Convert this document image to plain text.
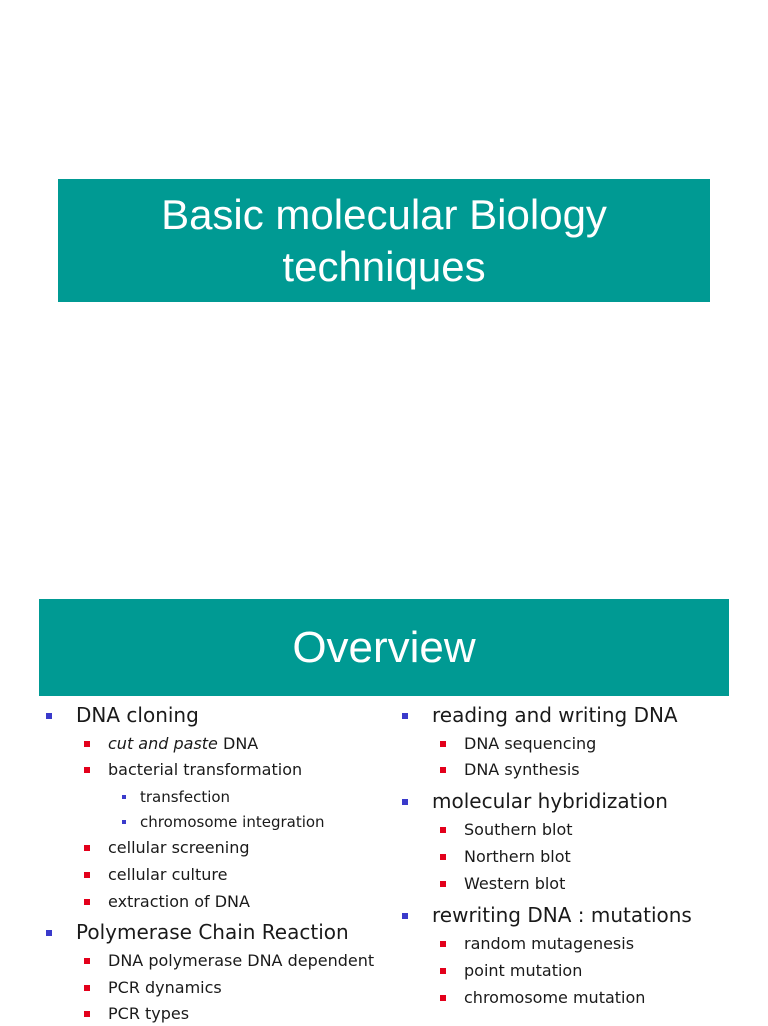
Basic molecular Biology
techniques
Overview
DNA cloning
cut and paste DNA
bacterial transformation
transfection
chromosome integration
cellular screening
cellular culture
extraction of DNA
Polymerase Chain Reaction
DNA polymerase DNA dependent
PCR dynamics
PCR types
reading and writing DNA
DNA sequencing
DNA synthesis
molecular hybridization
Southern blot
Northern blot
Western blot
rewriting DNA : mutations
random mutagenesis
point mutation
chromosome mutation
